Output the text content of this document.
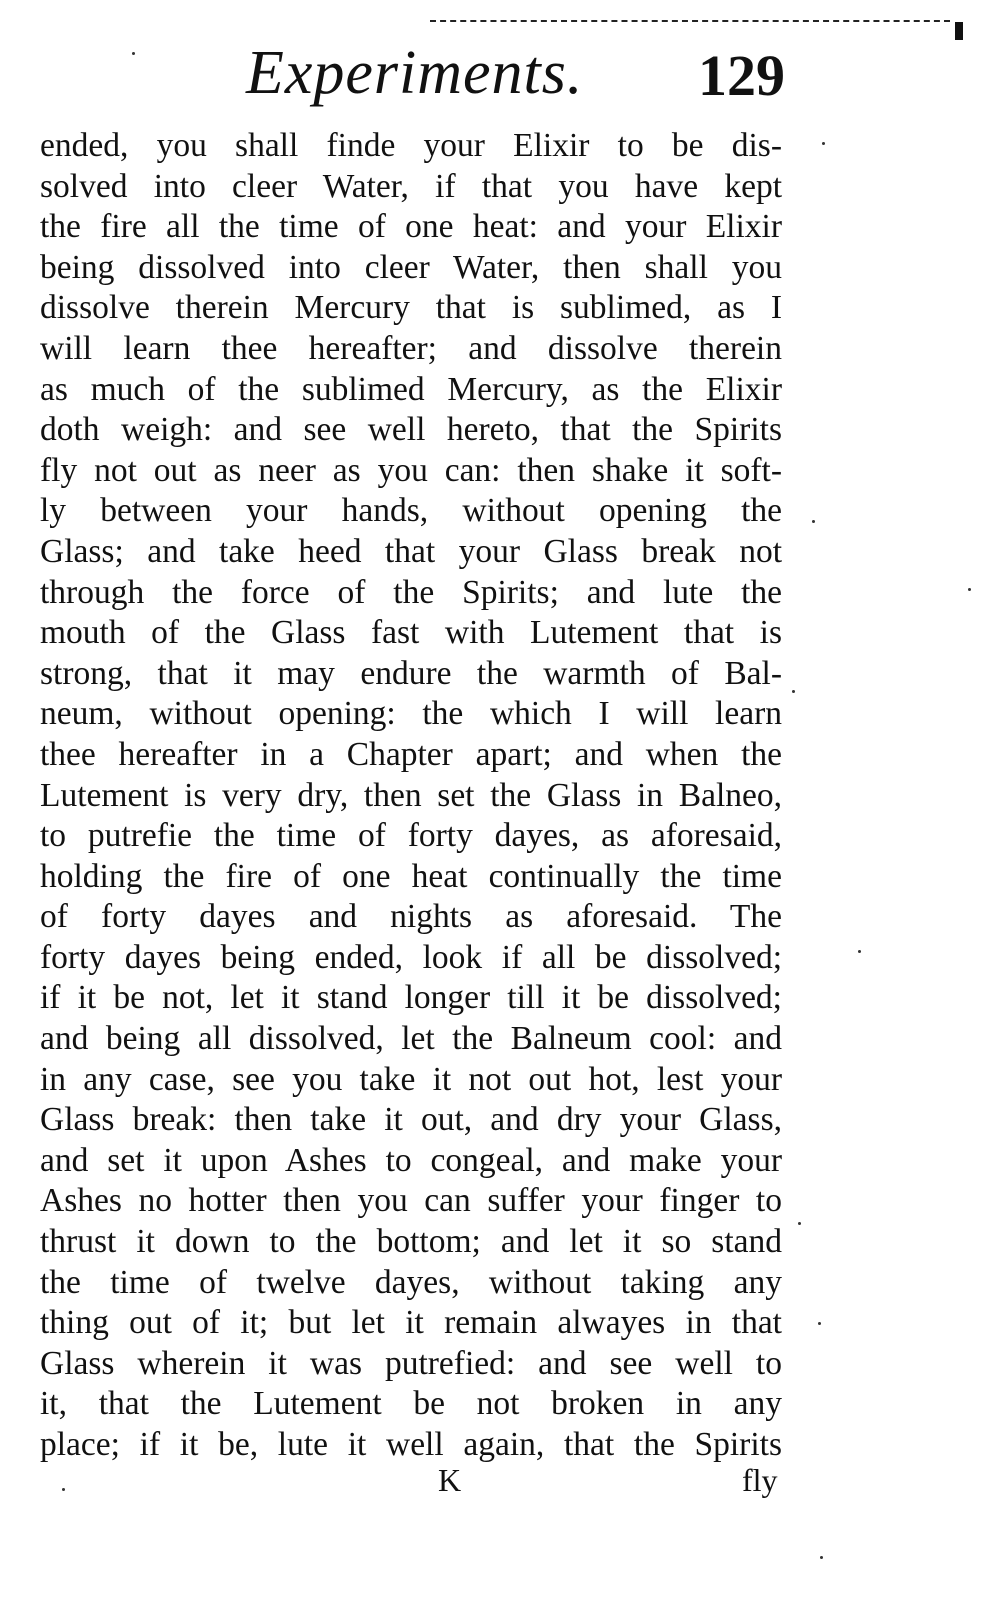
Experiments. 129
ended, you shall finde your Elixir to be dis-
solved into cleer Water, if that you have kept
the fire all the time of one heat: and your Elixir
being dissolved into cleer Water, then shall you
dissolve therein Mercury that is sublimed, as I
will learn thee hereafter; and dissolve therein
as much of the sublimed Mercury, as the Elixir
doth weigh: and see well hereto, that the Spirits
fly not out as neer as you can: then shake it soft-
ly between your hands, without opening the
Glass; and take heed that your Glass break not
through the force of the Spirits; and lute the
mouth of the Glass fast with Lutement that is
strong, that it may endure the warmth of Bal-
neum, without opening: the which I will learn
thee hereafter in a Chapter apart; and when the
Lutement is very dry, then set the Glass in Balneo,
to putrefie the time of forty dayes, as aforesaid,
holding the fire of one heat continually the time
of forty dayes and nights as aforesaid. The
forty dayes being ended, look if all be dissolved;
if it be not, let it stand longer till it be dissolved;
and being all dissolved, let the Balneum cool: and
in any case, see you take it not out hot, lest your
Glass break: then take it out, and dry your Glass,
and set it upon Ashes to congeal, and make your
Ashes no hotter then you can suffer your finger to
thrust it down to the bottom; and let it so stand
the time of twelve dayes, without taking any
thing out of it; but let it remain alwayes in that
Glass wherein it was putrefied: and see well to
it, that the Lutement be not broken in any
place; if it be, lute it well again, that the Spirits
K	fly
